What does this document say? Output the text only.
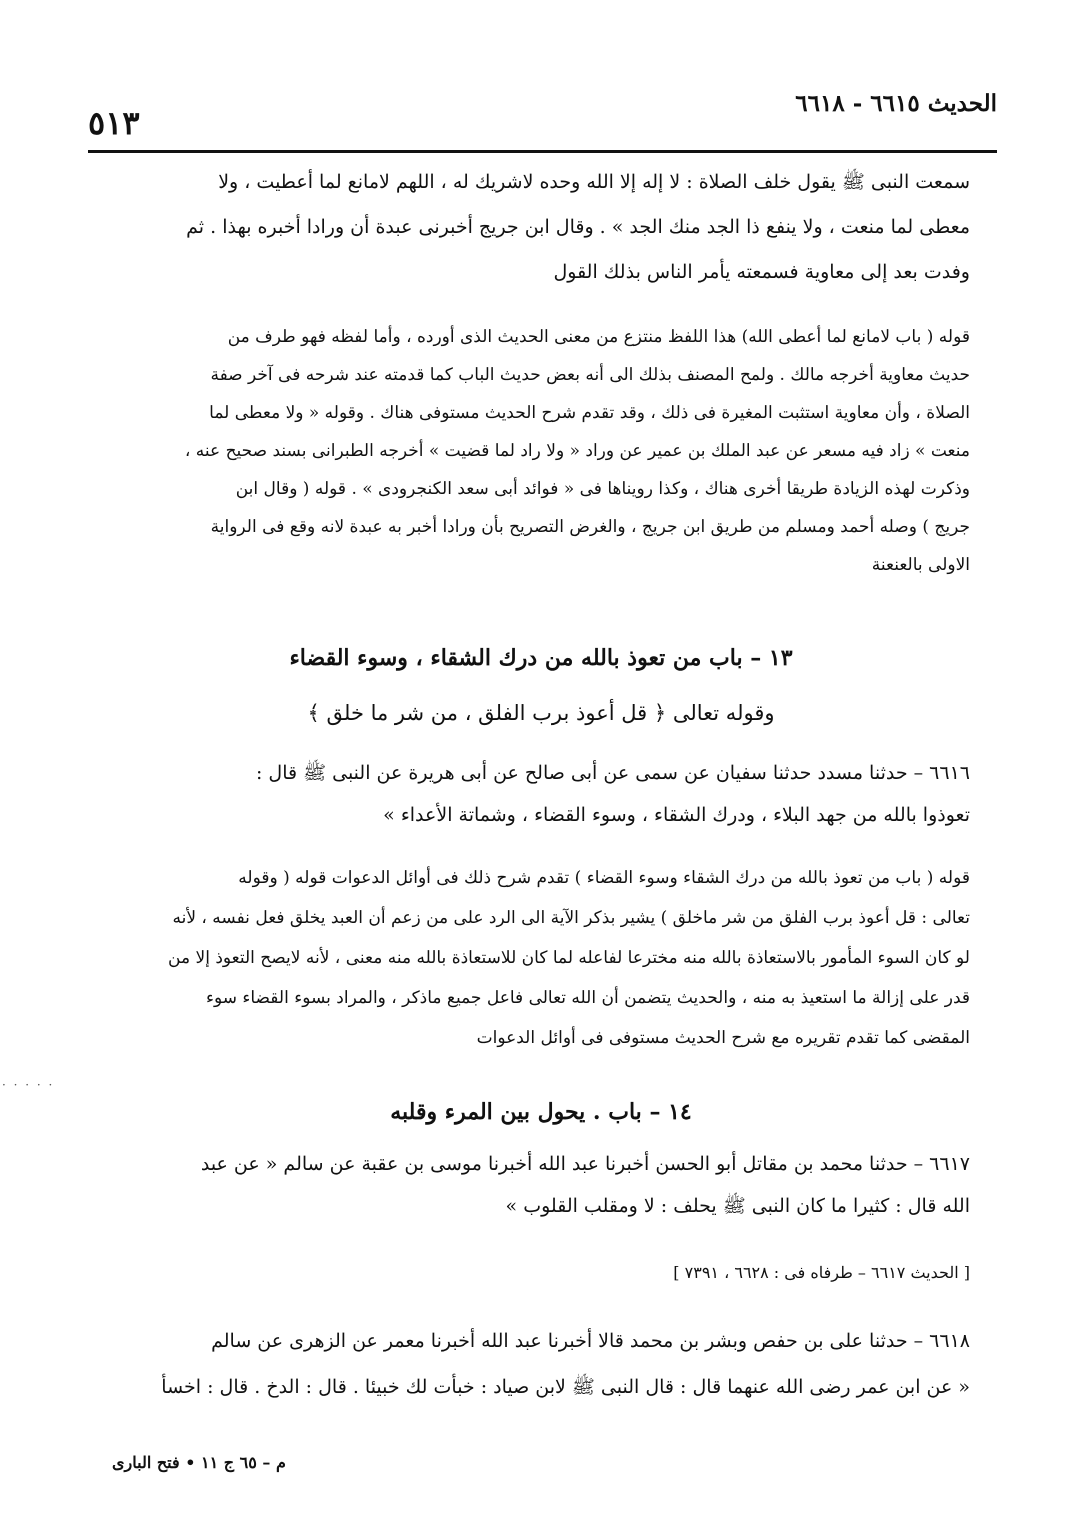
الحديث ٦٦١٥ - ٦٦١٨
٥١٣
سمعت النبى ﷺ يقول خلف الصلاة : لا إله إلا الله وحده لاشريك له ، اللهم لامانع لما أعطيت ، ولا
معطى لما منعت ، ولا ينفع ذا الجد منك الجد » . وقال ابن جريج أخبرنى عبدة أن ورادا أخبره بهذا . ثم
وفدت بعد إلى معاوية فسمعته يأمر الناس بذلك القول
قوله ( باب لامانع لما أعطى الله) هذا اللفظ منتزع من معنى الحديث الذى أورده ، وأما لفظه فهو طرف من
حديث معاوية أخرجه مالك . ولمح المصنف بذلك الى أنه بعض حديث الباب كما قدمته عند شرحه فى آخر صفة
الصلاة ، وأن معاوية استثبت المغيرة فى ذلك ، وقد تقدم شرح الحديث مستوفى هناك . وقوله « ولا معطى لما
منعت » زاد فيه مسعر عن عبد الملك بن عمير عن وراد « ولا راد لما قضيت » أخرجه الطبرانى بسند صحيح عنه ،
وذكرت لهذه الزيادة طريقا أخرى هناك ، وكذا رويناها فى « فوائد أبى سعد الكنجرودى » . قوله ( وقال ابن
جريج ) وصله أحمد ومسلم من طريق ابن جريج ، والغرض التصريح بأن ورادا أخبر به عبدة لانه وقع فى الرواية
الاولى بالعنعنة
١٣ – باب من تعوذ بالله من درك الشقاء ، وسوء القضاء
وقوله تعالى ﴿ قل أعوذ برب الفلق ، من شر ما خلق ﴾
٦٦١٦ – حدثنا مسدد حدثنا سفيان عن سمى عن أبى صالح عن أبى هريرة عن النبى ﷺ قال :
تعوذوا بالله من جهد البلاء ، ودرك الشقاء ، وسوء القضاء ، وشماتة الأعداء »
قوله ( باب من تعوذ بالله من درك الشقاء وسوء القضاء ) تقدم شرح ذلك فى أوائل الدعوات قوله ( وقوله
تعالى : قل أعوذ برب الفلق من شر ماخلق ) يشير بذكر الآية الى الرد على من زعم أن العبد يخلق فعل نفسه ، لأنه
لو كان السوء المأمور بالاستعاذة بالله منه مخترعا لفاعله لما كان للاستعاذة بالله منه معنى ، لأنه لايصح التعوذ إلا من
قدر على إزالة ما استعيذ به منه ، والحديث يتضمن أن الله تعالى فاعل جميع ماذكر ، والمراد بسوء القضاء سوء
المقضى كما تقدم تقريره مع شرح الحديث مستوفى فى أوائل الدعوات
· · · · ·
١٤ – باب . يحول بين المرء وقلبه
٦٦١٧ – حدثنا محمد بن مقاتل أبو الحسن أخبرنا عبد الله أخبرنا موسى بن عقبة عن سالم « عن عبد
الله قال : كثيرا ما كان النبى ﷺ يحلف : لا ومقلب القلوب »
[ الحديث ٦٦١٧ – طرفاه فى : ٦٦٢٨ ، ٧٣٩١ ]
٦٦١٨ – حدثنا على بن حفص وبشر بن محمد قالا أخبرنا عبد الله أخبرنا معمر عن الزهرى عن سالم
« عن ابن عمر رضى الله عنهما قال : قال النبى ﷺ لابن صياد : خبأت لك خبيئا . قال : الدخ . قال : اخسأ
م – ٦٥ ج ١١ • فتح البارى
